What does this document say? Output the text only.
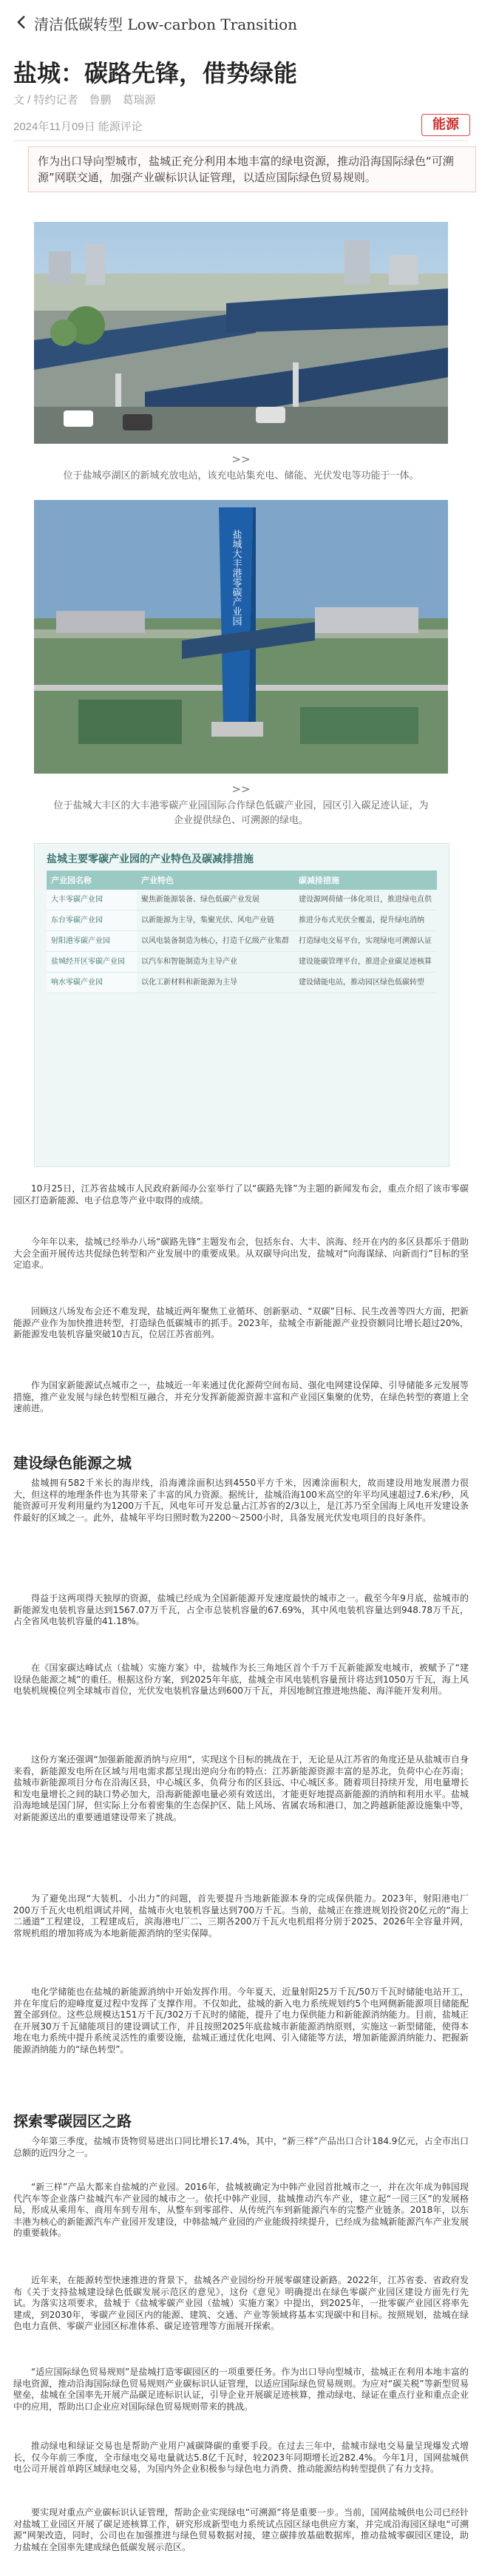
清洁低碳转型 Low-carbon Transition
盐城：碳路先锋，借势绿能
文 / 特约记者　鲁鹏　葛瑞源
2024年11月09日 能源评论	能源
作为出口导向型城市，盐城正充分利用本地丰富的绿电资源，推动沿海国际绿色“可溯源”网联交通，加强产业碳标识认证管理，以适应国际绿色贸易规则。
>>
位于盐城亭湖区的新城充放电站，该充电站集充电、储能、光伏发电等功能于一体。
盐城大丰港零碳产业园
>>
位于盐城大丰区的大丰港零碳产业园国际合作绿色低碳产业园，园区引入碳足迹认证，为企业提供绿色、可溯源的绿电。
盐城主要零碳产业园的产业特色及碳减排措施
产业园名称	产业特色	碳减排措施
大丰零碳产业园	聚焦新能源装备、绿色低碳产业发展	建设源网荷储一体化项目，推进绿电直供
东台零碳产业园	以新能源为主导，集聚光伏、风电产业链	推进分布式光伏全覆盖，提升绿电消纳
射阳港零碳产业园	以风电装备制造为核心，打造千亿级产业集群	打造绿电交易平台，实现绿电可溯源认证
盐城经开区零碳产业园	以汽车和智能制造为主导产业	建设能碳管理平台，推进企业碳足迹核算
响水零碳产业园	以化工新材料和新能源为主导	建设储能电站，推动园区绿色低碳转型

10月25日，江苏省盐城市人民政府新闻办公室举行了以“碳路先锋”为主题的新闻发布会，重点介绍了该市零碳园区打造新能源、电子信息等产业中取得的成绩。

今年年以来，盐城已经举办八场“碳路先锋”主题发布会，包括东台、大丰、滨海、经开在内的多区县都乐于借助大会全面开展传达共促绿色转型和产业发展中的重要成果。从双碳导向出发，盐城对“向海谋绿、向新而行”目标的坚定追求。

回顾这八场发布会还不难发现，盐城近两年聚焦工业循环、创新驱动、“双碳”目标、民生改善等四大方面，把新能源产业作为加快推进转型，打造绿色低碳城市的抓手。2023年，盐城全市新能源产业投资额同比增长超过20%，新能源发电装机容量突破10吉瓦，位居江苏省前列。

作为国家新能源试点城市之一，盐城近一年来通过优化源荷空间布局、强化电网建设保障、引导储能多元发展等措施，推产业发展与绿色转型相互融合，并充分发挥新能源资源丰富和产业园区集聚的优势，在绿色转型的赛道上全速前进。

建设绿色能源之城

盐城拥有582千米长的海岸线，沿海滩涂面积达到4550平方千米，因滩涂面积大，故而建设用地发展潜力很大，但这样的地理条件也为其带来了丰富的风力资源。据统计，盐城沿海100米高空的年平均风速超过7.6米/秒，风能资源可开发利用量约为1200万千瓦，风电年可开发总量占江苏省的2/3以上，是江苏乃至全国海上风电开发建设条件最好的区域之一。此外，盐城年平均日照时数为2200～2500小时，具备发展光伏发电项目的良好条件。

得益于这两项得天独厚的资源，盐城已经成为全国新能源开发速度最快的城市之一。截至今年9月底，盐城市的新能源发电装机容量达到1567.07万千瓦，占全市总装机容量的67.69%，其中风电装机容量达到948.78万千瓦，占全省风电装机容量的41.18%。

在《国家碳达峰试点（盐城）实施方案》中，盐城作为长三角地区首个千万千瓦新能源发电城市，被赋予了“建设绿色能源之城”的重任。根据这份方案，到2025年年底，盐城全市风电装机容量预计将达到1050万千瓦，海上风电装机规模位列全球城市首位，光伏发电装机容量达到600万千瓦，并因地制宜推进地热能、海洋能开发利用。

这份方案还强调“加强新能源消纳与应用”，实现这个目标的挑战在于，无论是从江苏省的角度还是从盐城市自身来看，新能源发电所在区域与用电需求都呈现出逆向分布的特点：江苏新能源资源丰富的是苏北，负荷中心在苏南；盐城市新能源项目分布在沿海区县，中心城区多，负荷分布的区县远、中心城区多。随着项目持续开发，用电量增长和发电量增长之间的缺口势必加大，沿海新能源电量必须有效送出，才能更好地提高新能源的消纳和利用水平。盐城沿海地域是国门屏，但实际上分布着密集的生态保护区、陆上风场、省属农场和港口，加之跨越新能源设施集中等，对新能源送出的重要通道建设带来了挑战。

为了避免出现“大装机、小出力”的问题，首先要提升当地新能源本身的完成保供能力。2023年，射阳港电厂200万千瓦火电机组调试并网，盐城市火电装机容量达到700万千瓦。当前，盐城正在推进规划投资20亿元的“海上二通道”工程建设，工程建成后，滨海港电厂二、三期各200万千瓦火电机组将分别于2025、2026年全容量并网，常规机组的增加将成为本地新能源消纳的坚实保障。

电化学储能也在盐城的新能源消纳中开始发挥作用。今年夏天，近量射阳25万千瓦/50万千瓦时储能电站开工，并在年度后的迎峰度夏过程中发挥了支撑作用。不仅如此，盐城的新入电力系统规划约5个电网侧新能源项目储能配置全部到位。这些总规模达151万千瓦/302万千瓦时的储能，提升了电力保供能力和新能源消纳能力。目前，盐城正在开展30万千瓦储能项目的建设调试工作，并且按照2025年底盐城市新能源消纳原则，实施这一新型储能，使得本地在电力系统中提升系统灵活性的重要设施，盐城正通过优化电网、引入储能等方法，增加新能源消纳能力、把握新能源消纳能力的“绿色转型”。

探索零碳园区之路

今年第三季度，盐城市货物贸易进出口同比增长17.4%，其中，“新三样”产品出口合计184.9亿元，占全市出口总额的近四分之一。

“新三样”产品大都来自盐城的产业园。2016年，盐城被确定为中韩产业园首批城市之一，并在次年成为韩国现代汽车等企业落户盐城汽车产业园的城市之一。依托中韩产业园，盐城推动汽车产业，建立起“一园三区”的发展格局，形成从乘用车、商用车到专用车，从整车到零部件、从传统汽车到新能源汽车的完整产业链条。2018年，以东丰港为核心的新能源汽车产业园开发建设，中韩盐城产业园的产业能级持续提升，已经成为盐城新能源汽车产业发展的重要载体。

近年来，在能源转型快速推进的背景下，盐城各产业园纷纷开展零碳建设新路。2022年，江苏省委、省政府发布《关于支持盐城建设绿色低碳发展示范区的意见》，这份《意见》明确提出在绿色零碳产业园区建设方面先行先试。为落实这项要求，盐城于《盐城零碳产业园（盐城）实施方案》中提出，到2025年，一批零碳产业园区将率先建成，到2030年，零碳产业园区内的能源、建筑、交通、产业等领域将基本实现碳中和目标。按照规划，盐城在绿色电力直供、零碳产业园区标准体系、碳足迹管理等方面展开探索。

“适应国际绿色贸易规则”是盐城打造零碳园区的一项重要任务。作为出口导向型城市，盐城正在利用本地丰富的绿电资源，推动沿海国际绿色贸易规则产业碳标识认证管理，以适应国际绿色贸易规则。为应对“碳关税”等新型贸易壁垒，盐城在全国率先开展产品碳足迹标识认证，引导企业开展碳足迹核算，推动绿电、绿证在重点行业和重点企业中的应用，帮助出口企业应对国际绿色贸易规则带来的挑战。

推动绿电和绿证交易也是帮助产业用户减碳降碳的重要手段。在过去三年中，盐城市绿电交易量呈现爆发式增长，仅今年前三季度，全市绿电交易电量就达5.8亿千瓦时，较2023年同期增长近282.4%。今年1月，国网盐城供电公司开展首单跨区域绿电交易，为国内外企业积极参与绿色电力消费、推动能源结构转型提供了有力支持。

要实现对重点产业碳标识认证管理，帮助企业实现绿电“可溯源”将是重要一步。当前，国网盐城供电公司已经针对盐城工业园区开展了碳足迹核算工作，研究形成新型电力系统试点园区绿电供应方案，并完成沿海园区绿电“可溯源”网架改造，同时，公司也在加强推进与绿色贸易数据对接，建立碳排放基础数据库，推动盐城零碳园区建设，助力盐城在全国率先建成绿色低碳发展示范区。
